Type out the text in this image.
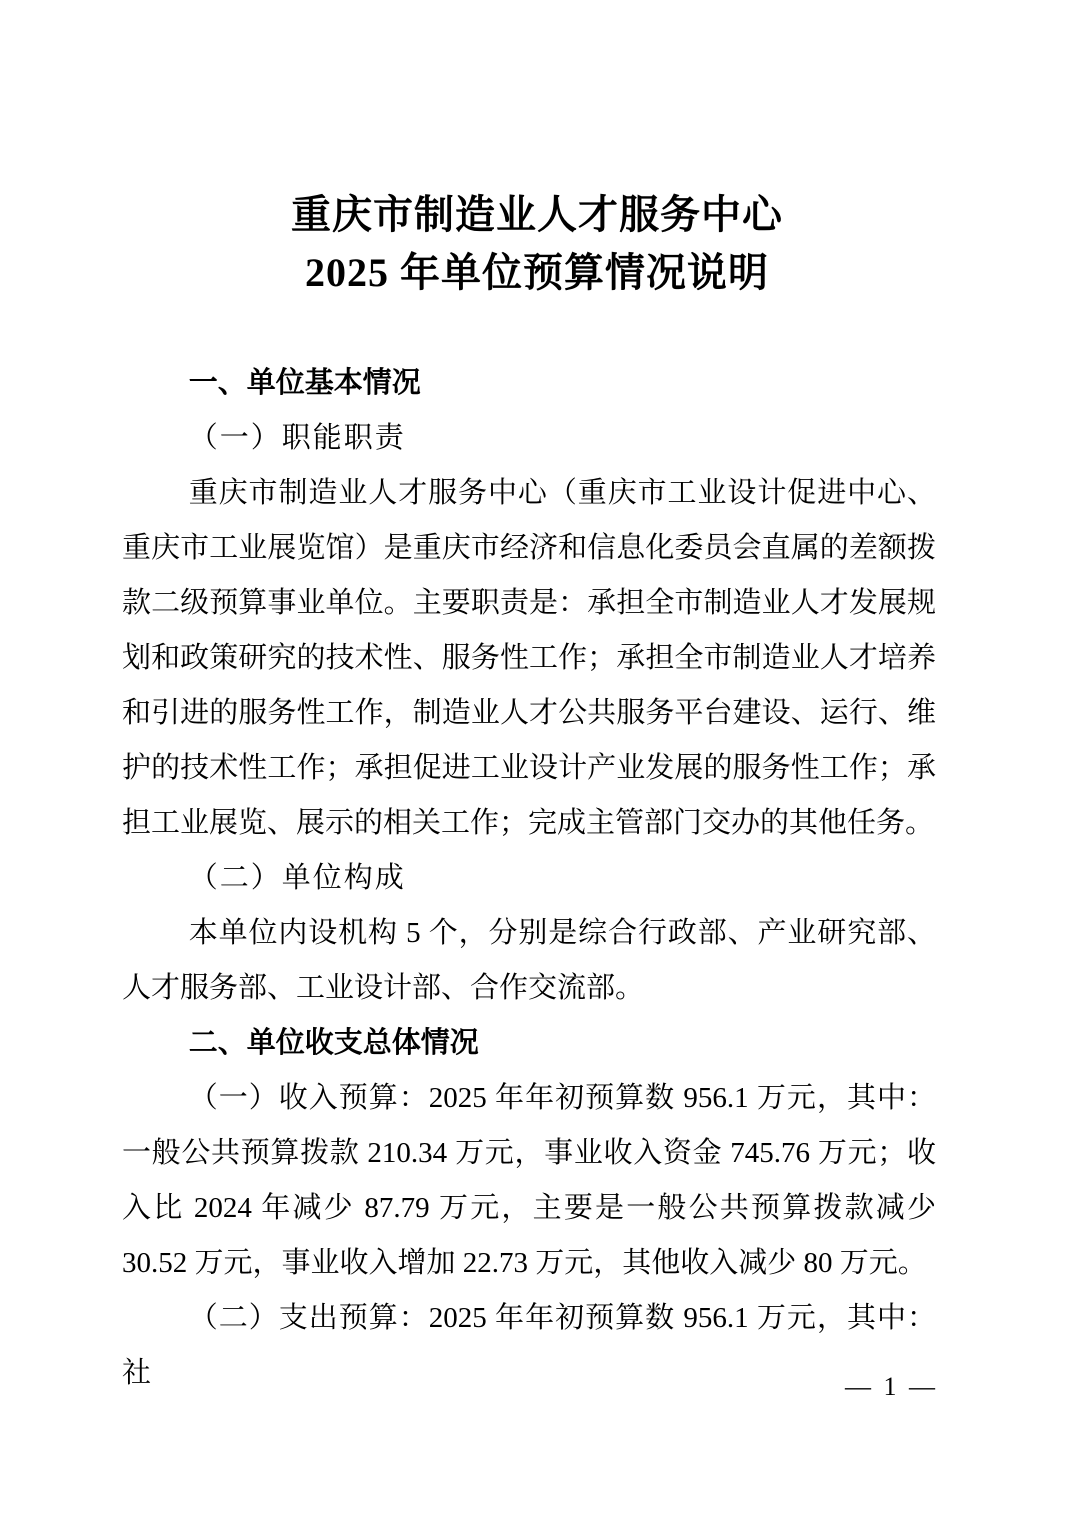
重庆市制造业人才服务中心
2025 年单位预算情况说明
一、单位基本情况
（一）职能职责

重庆市制造业人才服务中心（重庆市工业设计促进中心、重庆市工业展览馆）是重庆市经济和信息化委员会直属的差额拨款二级预算事业单位。主要职责是：承担全市制造业人才发展规划和政策研究的技术性、服务性工作；承担全市制造业人才培养和引进的服务性工作，制造业人才公共服务平台建设、运行、维护的技术性工作；承担促进工业设计产业发展的服务性工作；承担工业展览、展示的相关工作；完成主管部门交办的其他任务。

（二）单位构成

本单位内设机构 5 个，分别是综合行政部、产业研究部、人才服务部、工业设计部、合作交流部。

二、单位收支总体情况

（一）收入预算：2025 年年初预算数 956.1 万元，其中：一般公共预算拨款 210.34 万元，事业收入资金 745.76 万元；收入比 2024 年减少 87.79 万元，主要是一般公共预算拨款减少 30.52 万元，事业收入增加 22.73 万元，其他收入减少 80 万元。

（二）支出预算：2025 年年初预算数 956.1 万元，其中：社	— 1 —
